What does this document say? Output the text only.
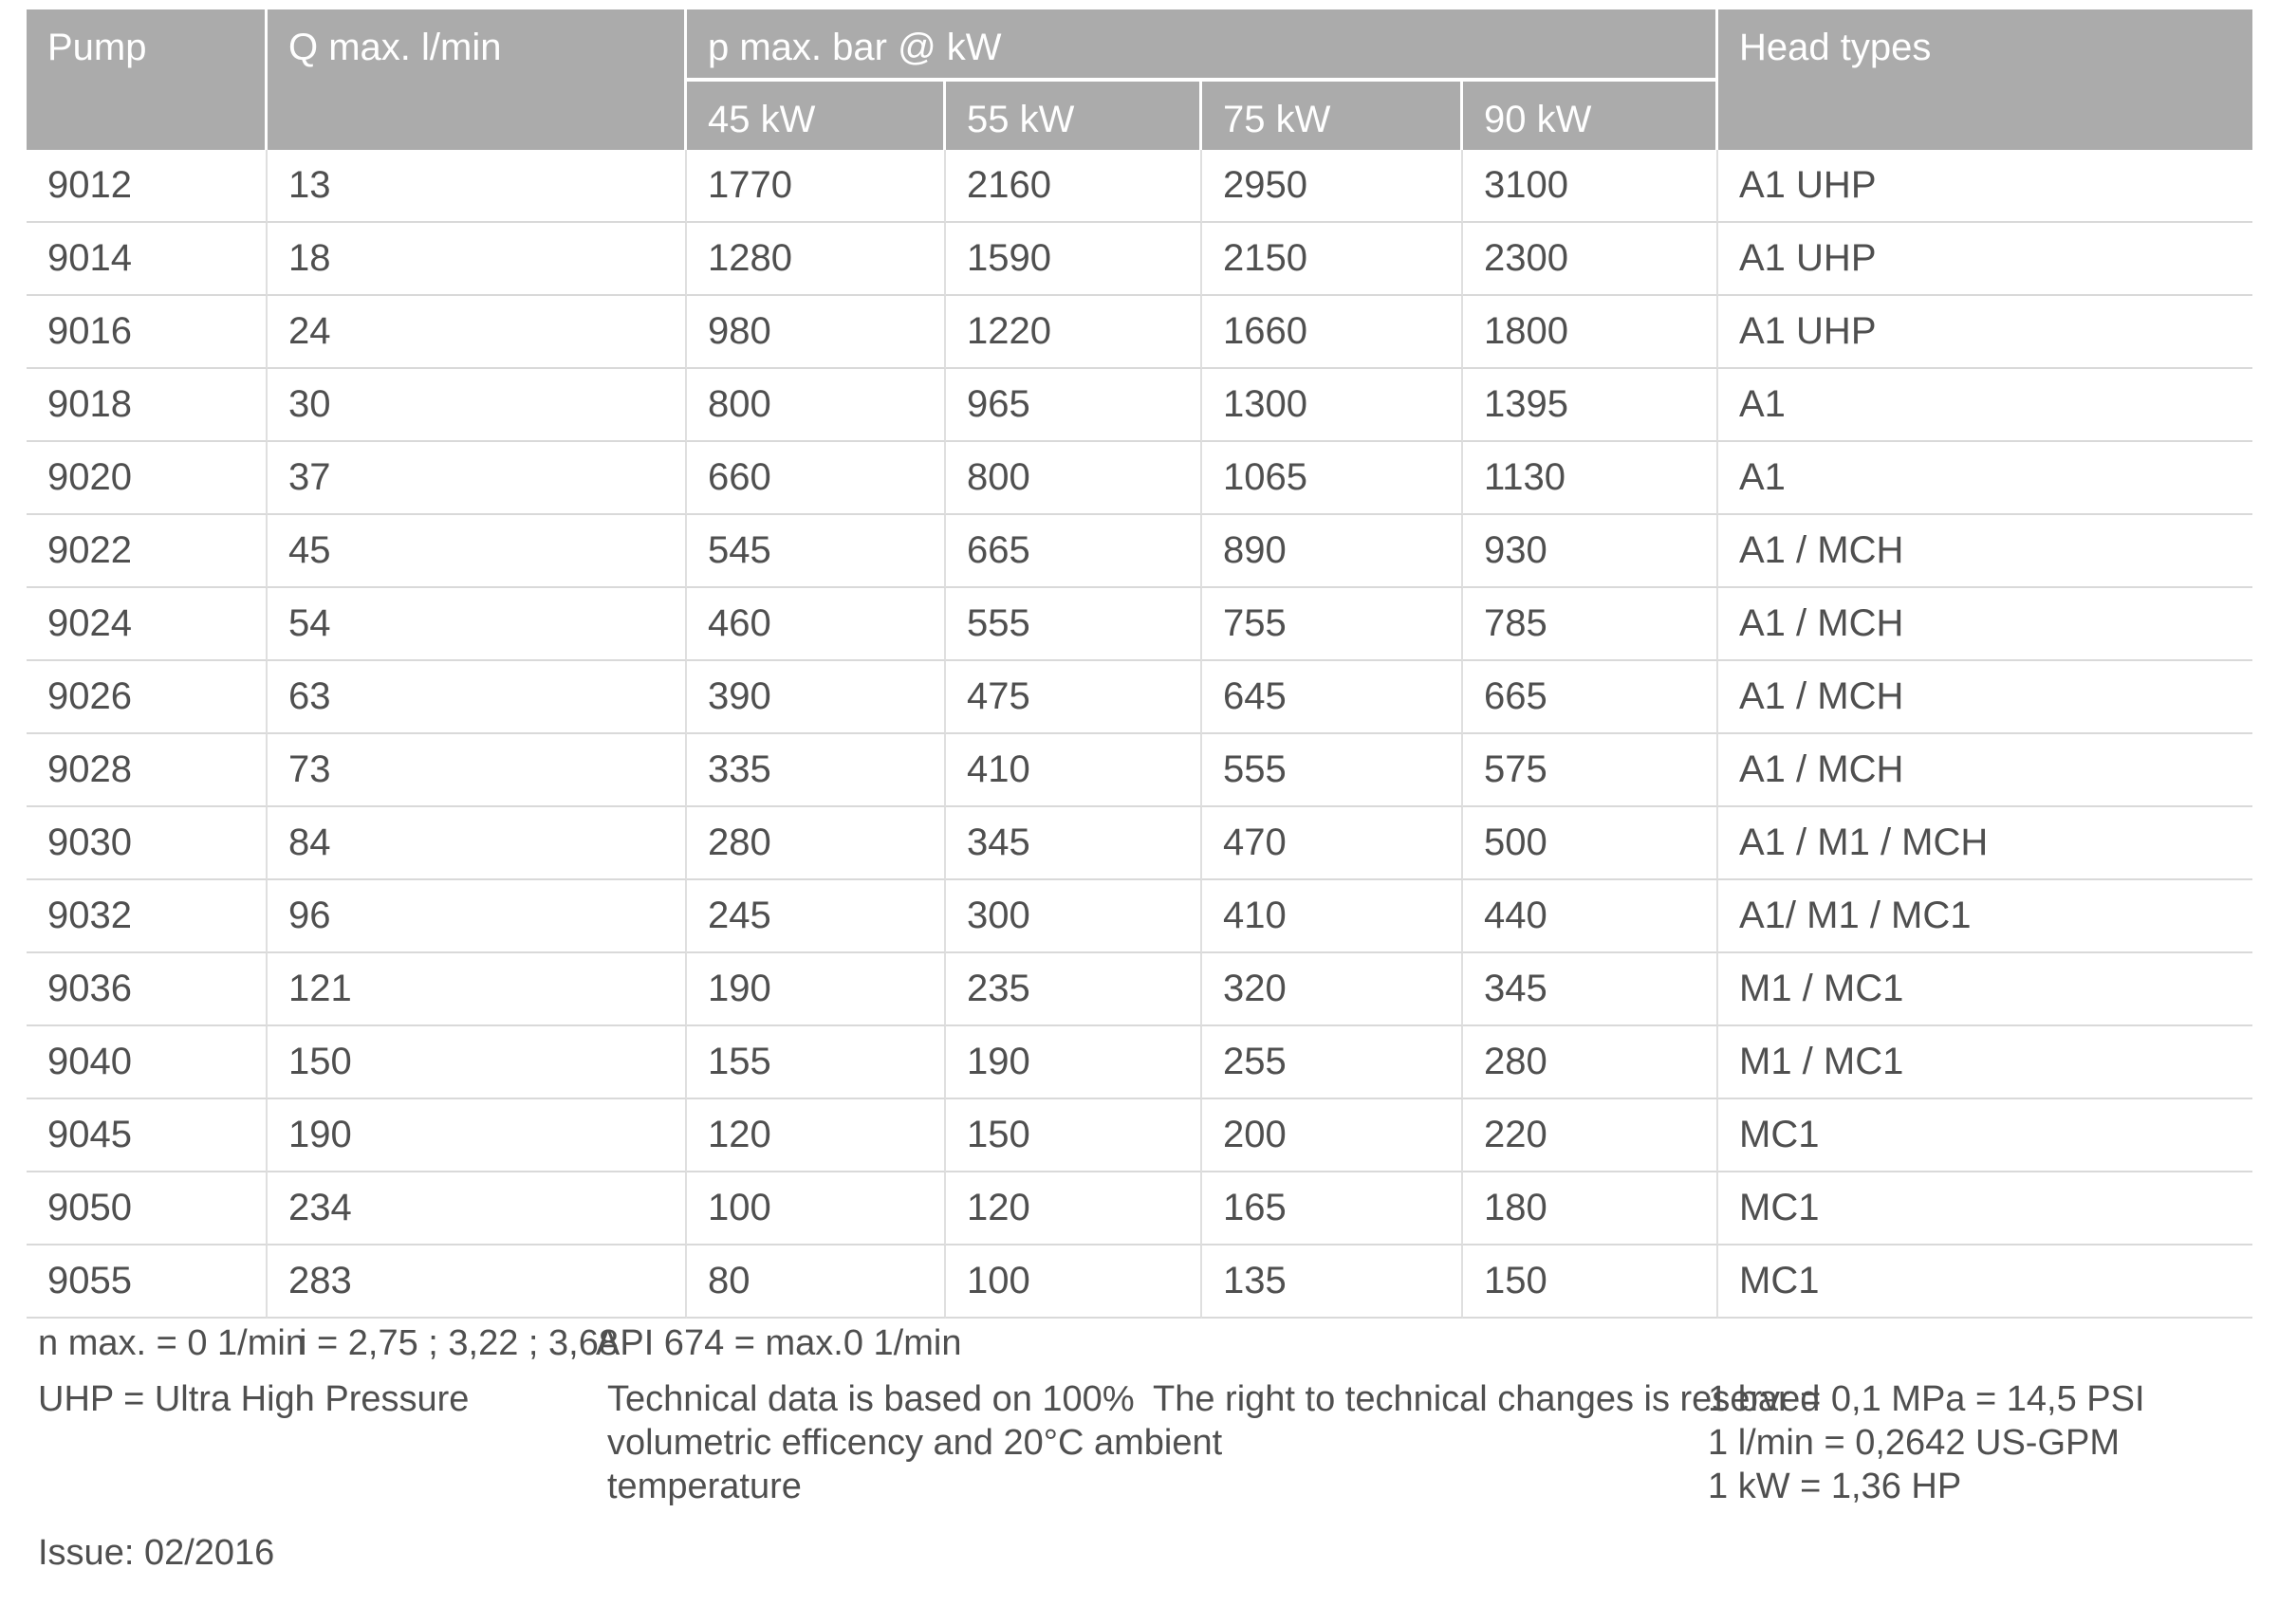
Pump	Q max. l/min	p max. bar @ kW				Head types
		45 kW	55 kW	75 kW	90 kW	
9012	13	1770	2160	2950	3100	A1 UHP
9014	18	1280	1590	2150	2300	A1 UHP
9016	24	980	1220	1660	1800	A1 UHP
9018	30	800	965	1300	1395	A1
9020	37	660	800	1065	1130	A1
9022	45	545	665	890	930	A1 / MCH
9024	54	460	555	755	785	A1 / MCH
9026	63	390	475	645	665	A1 / MCH
9028	73	335	410	555	575	A1 / MCH
9030	84	280	345	470	500	A1 / M1 / MCH
9032	96	245	300	410	440	A1/ M1 / MC1
9036	121	190	235	320	345	M1 / MC1
9040	150	155	190	255	280	M1 / MC1
9045	190	120	150	200	220	MC1
9050	234	100	120	165	180	MC1
9055	283	80	100	135	150	MC1
n max. = 0 1/min
i = 2,75 ; 3,22 ; 3,68
API 674 = max.0 1/min
UHP = Ultra High Pressure	Technical data is based on 100%
volumetric efficency and 20°C ambient
temperature
The right to technical changes is reserved
1 bar = 0,1 MPa = 14,5 PSI
1 l/min = 0,2642 US-GPM
1 kW = 1,36 HP
Issue: 02/2016
